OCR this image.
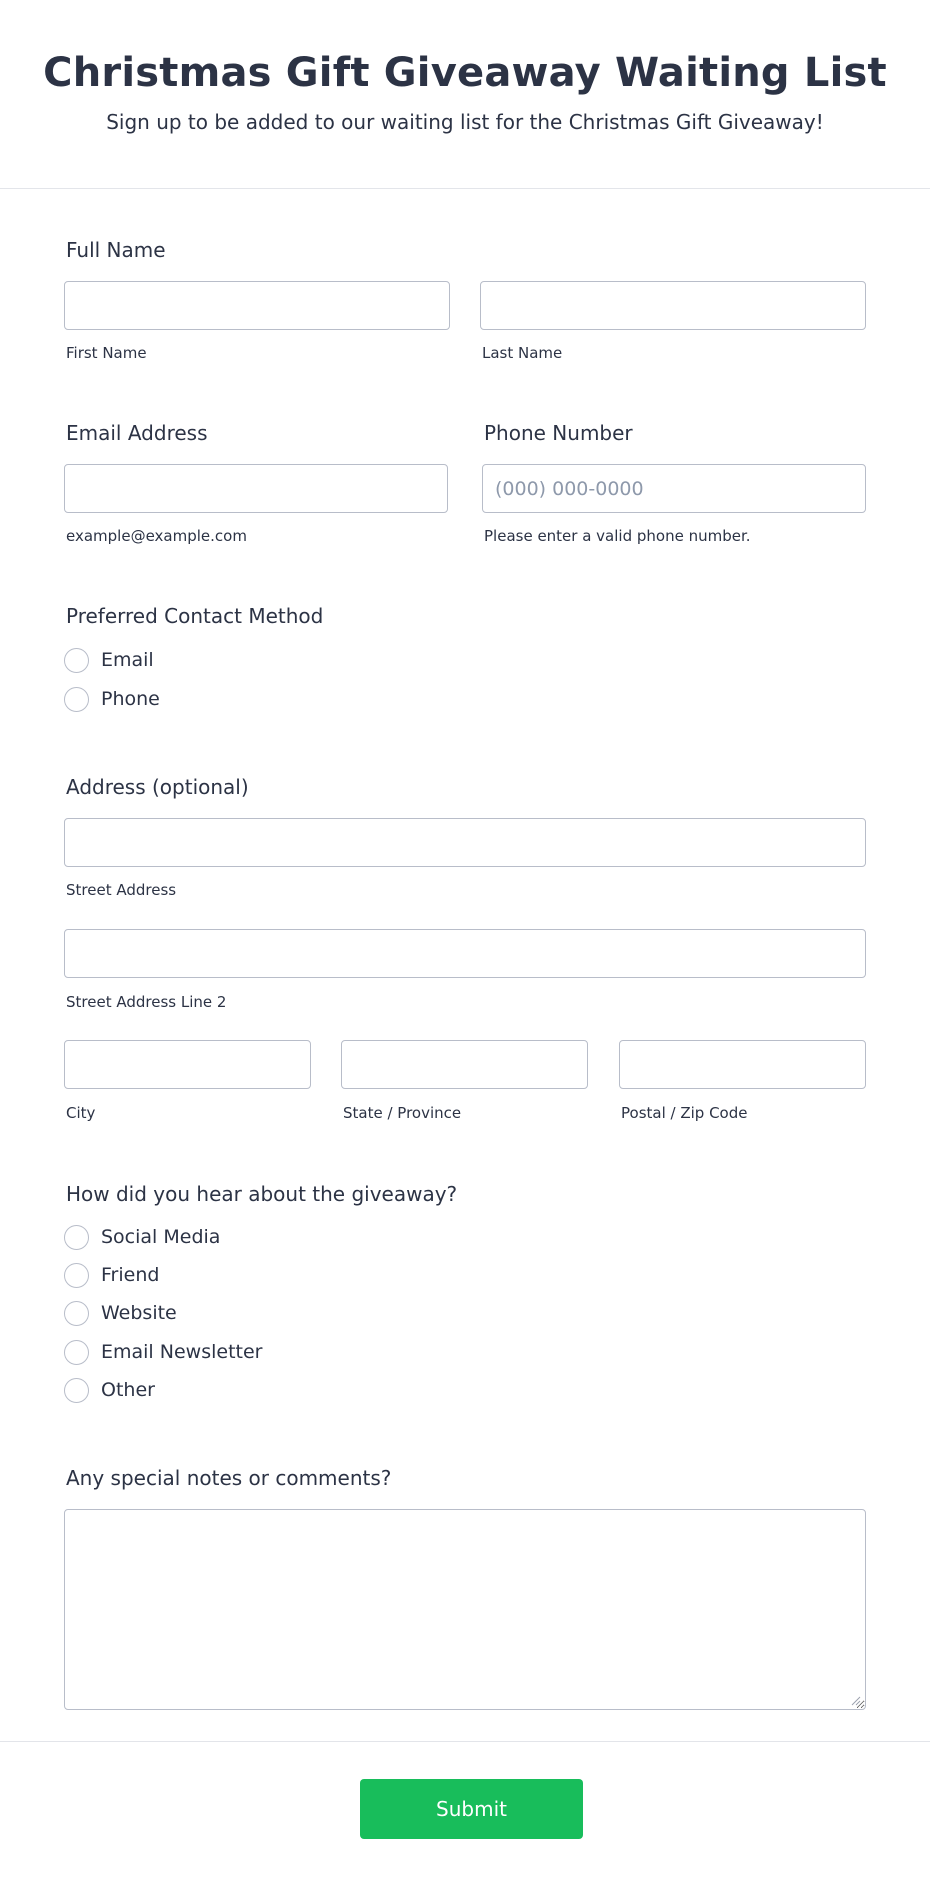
Christmas Gift Giveaway Waiting List
Sign up to be added to our waiting list for the Christmas Gift Giveaway!
Full Name
First Name	Last Name
Email Address	Phone Number
(000) 000-0000
example@example.com	Please enter a valid phone number.
Preferred Contact Method
Email
Phone
Address (optional)
Street Address
Street Address Line 2
City	State / Province	Postal / Zip Code
How did you hear about the giveaway?
Social Media
Friend
Website
Email Newsletter
Other
Any special notes or comments?
Submit
